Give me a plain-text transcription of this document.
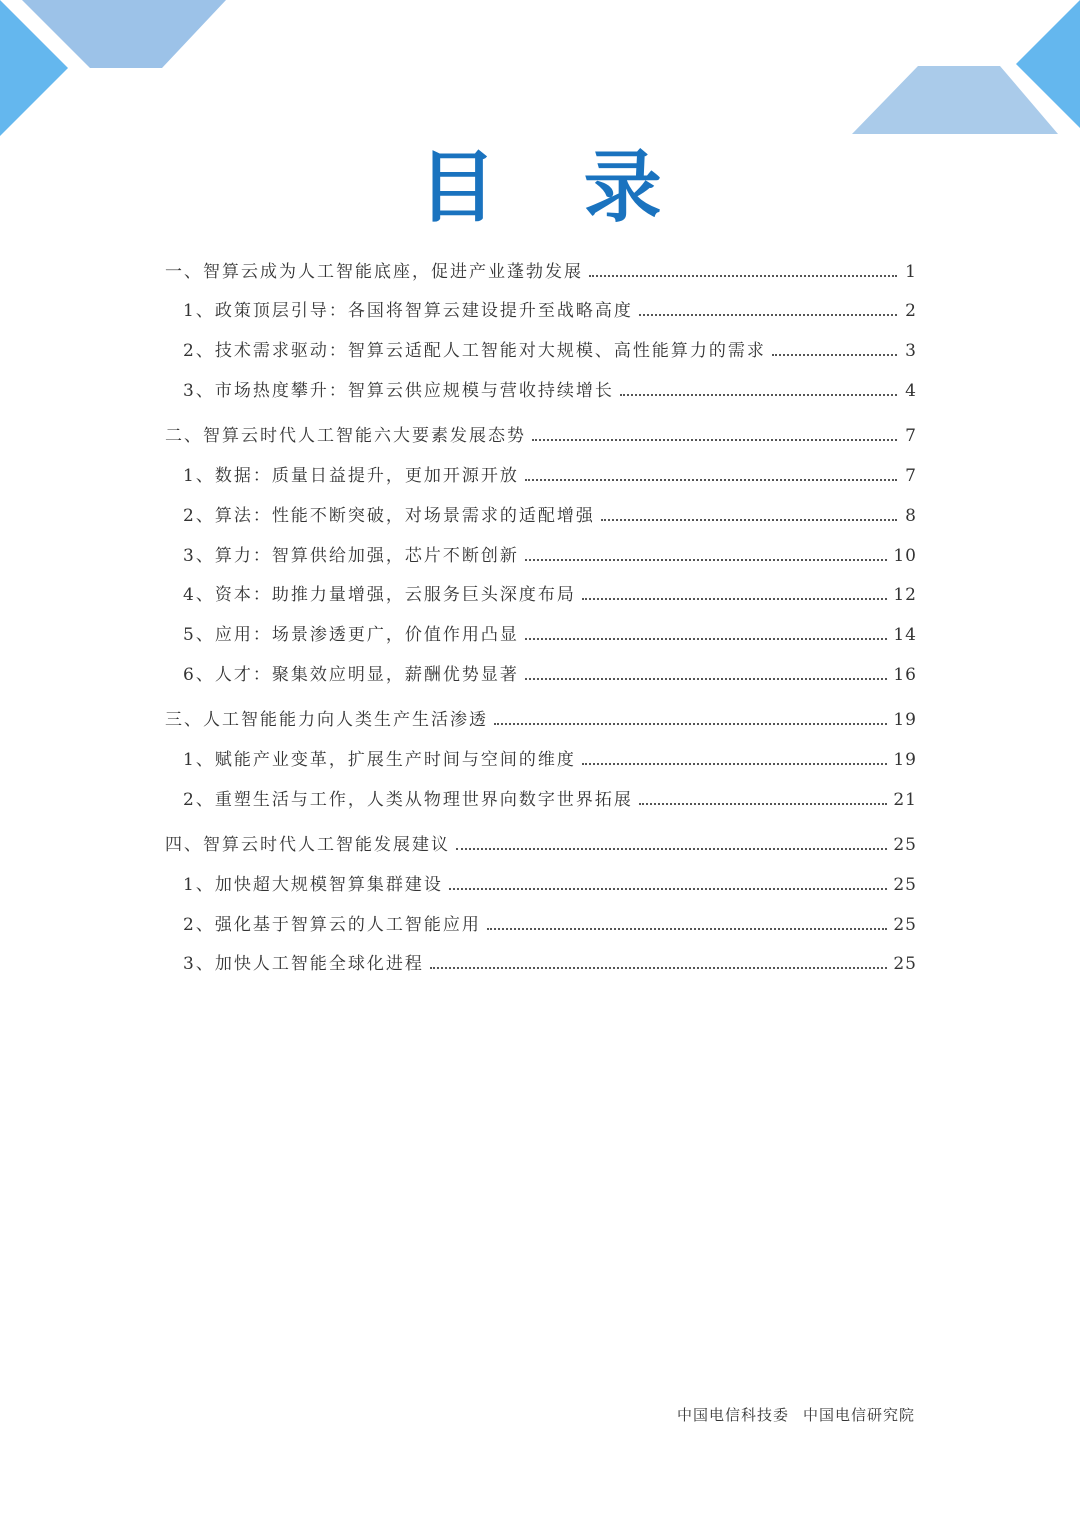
目 录
一、智算云成为人工智能底座，促进产业蓬勃发展	1
1、政策顶层引导：各国将智算云建设提升至战略高度	2
2、技术需求驱动：智算云适配人工智能对大规模、高性能算力的需求	3
3、市场热度攀升：智算云供应规模与营收持续增长	4
二、智算云时代人工智能六大要素发展态势	7
1、数据：质量日益提升，更加开源开放	7
2、算法：性能不断突破，对场景需求的适配增强	8
3、算力：智算供给加强，芯片不断创新	10
4、资本：助推力量增强，云服务巨头深度布局	12
5、应用：场景渗透更广，价值作用凸显	14
6、人才：聚集效应明显，薪酬优势显著	16
三、人工智能能力向人类生产生活渗透	19
1、赋能产业变革，扩展生产时间与空间的维度	19
2、重塑生活与工作，人类从物理世界向数字世界拓展	21
四、智算云时代人工智能发展建议	25
1、加快超大规模智算集群建设	25
2、强化基于智算云的人工智能应用	25
3、加快人工智能全球化进程	25
中国电信科技委 中国电信研究院
